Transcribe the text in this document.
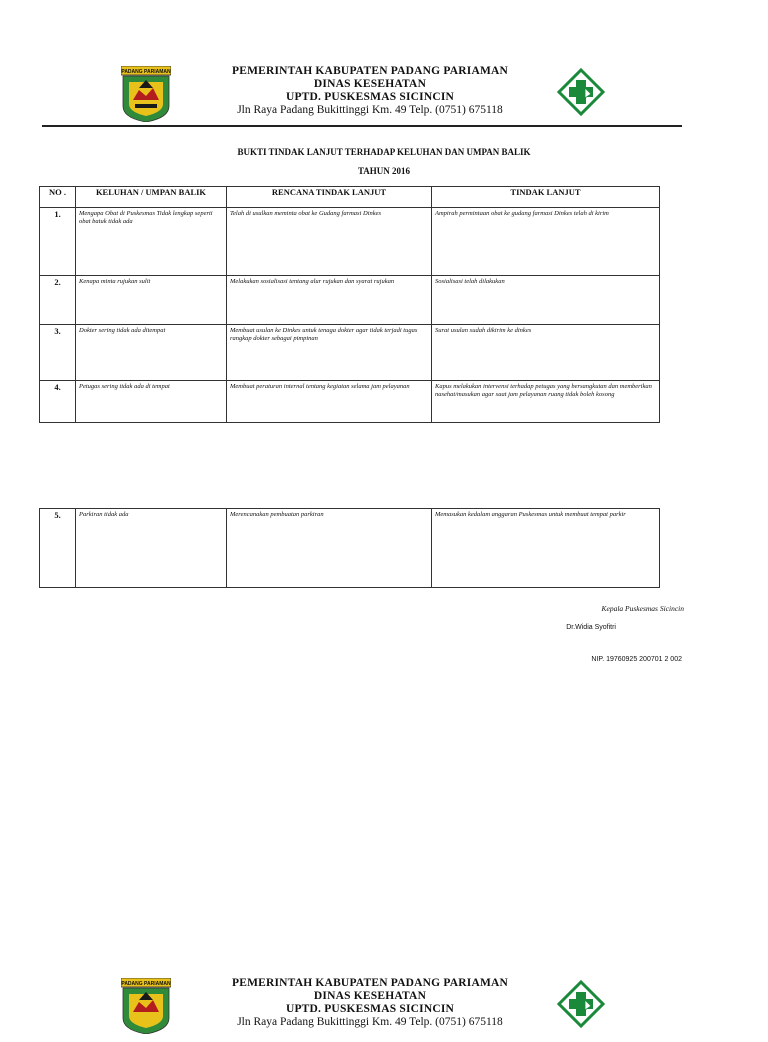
PADANG PARIAMAN	PEMERINTAH KABUPATEN PADANG PARIAMAN
DINAS KESEHATAN
UPTD. PUSKESMAS SICINCIN
Jln Raya Padang Bukittinggi Km. 49 Telp. (0751) 675118
BUKTI TINDAK LANJUT TERHADAP KELUHAN DAN UMPAN BALIK
TAHUN 2016
NO .	KELUHAN / UMPAN BALIK	RENCANA TINDAK LANJUT	TINDAK LANJUT
1.	Mengapa Obat di Puskesmas Tidak lengkap seperti obat batuk tidak ada	Telah di usulkan meminta obat ke Gudang farmasi Dinkes	Ampirah permintaan obat ke gudang farmasi Dinkes telah di kirim
2.	Kenapa minta rujukan sulit	Melakukan sosialisasi tentang alur rujukan dan syarat rujukan	Sosialisasi telah dilakukan
3.	Dokter sering tidak ada ditempat	Membuat usulan ke Dinkes untuk tenaga dokter agar tidak terjadi tugas rangkap dokter sebagai pimpinan	Surat usulan sudah dikirim ke dinkes
4.	Petugas sering tidak ada di tempat	Membuat peraturan internal tentang kegiatan selama jam pelayanan	Kapus melakukan intervensi terhadap petugas yang bersangkutan dan memberikan nasehat/masukan agar saat jam pelayanan ruang tidak boleh kosong
5.	Parkiran tidak ada	Merencanakan pembuatan parkiran	Memasukan kedalam anggaran Puskesmas untuk membuat tempat parkir
Kepala Puskesmas Sicincin
Dr.Widia Syofitri
NIP. 19760925 200701 2 002
PADANG PARIAMAN	PEMERINTAH KABUPATEN PADANG PARIAMAN
DINAS KESEHATAN
UPTD. PUSKESMAS SICINCIN
Jln Raya Padang Bukittinggi Km. 49 Telp. (0751) 675118
